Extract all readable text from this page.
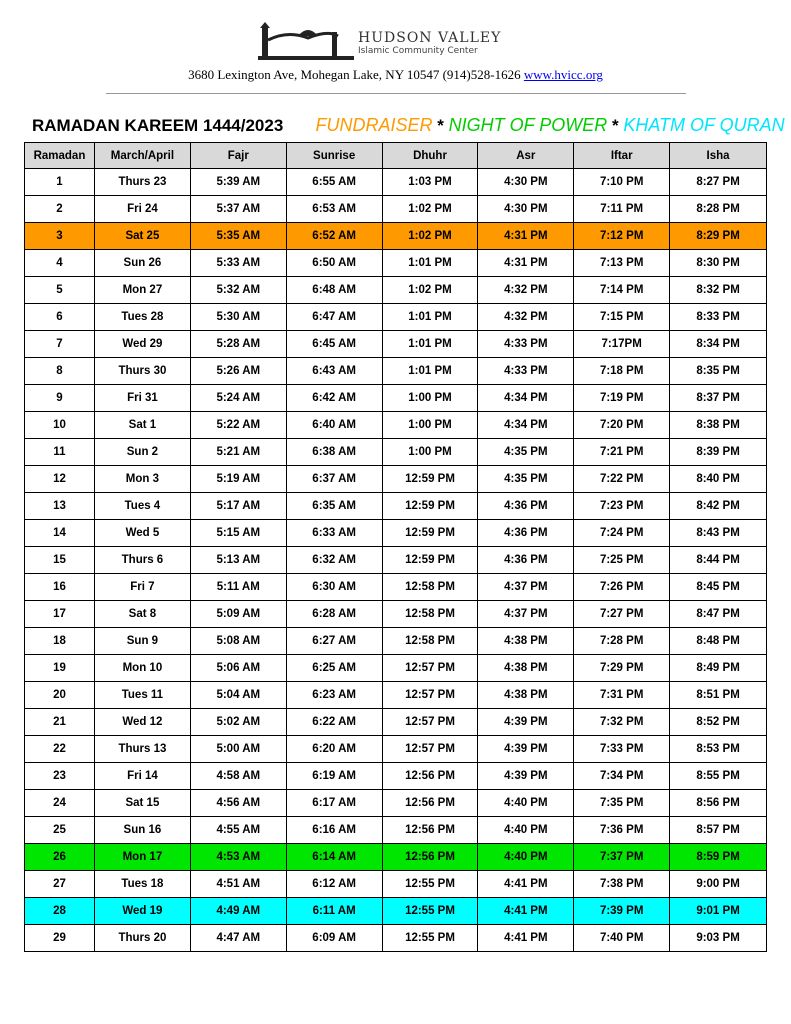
HUDSON VALLEY
Islamic Community Center
3680 Lexington Ave, Mohegan Lake, NY 10547 (914)528-1626 www.hvicc.org
RAMADAN KAREEM 1444/2023 FUNDRAISER * NIGHT OF POWER * KHATM OF QURAN
Ramadan	March/April	Fajr	Sunrise	Dhuhr	Asr	Iftar	Isha
1	Thurs 23	5:39 AM	6:55 AM	1:03 PM	4:30 PM	7:10 PM	8:27 PM
2	Fri 24	5:37 AM	6:53 AM	1:02 PM	4:30 PM	7:11 PM	8:28 PM
3	Sat 25	5:35 AM	6:52 AM	1:02 PM	4:31 PM	7:12 PM	8:29 PM
4	Sun 26	5:33 AM	6:50 AM	1:01 PM	4:31 PM	7:13 PM	8:30 PM
5	Mon 27	5:32 AM	6:48 AM	1:02 PM	4:32 PM	7:14 PM	8:32 PM
6	Tues 28	5:30 AM	6:47 AM	1:01 PM	4:32 PM	7:15 PM	8:33 PM
7	Wed 29	5:28 AM	6:45 AM	1:01 PM	4:33 PM	7:17PM	8:34 PM
8	Thurs 30	5:26 AM	6:43 AM	1:01 PM	4:33 PM	7:18 PM	8:35 PM
9	Fri 31	5:24 AM	6:42 AM	1:00 PM	4:34 PM	7:19 PM	8:37 PM
10	Sat 1	5:22 AM	6:40 AM	1:00 PM	4:34 PM	7:20 PM	8:38 PM
11	Sun 2	5:21 AM	6:38 AM	1:00 PM	4:35 PM	7:21 PM	8:39 PM
12	Mon 3	5:19 AM	6:37 AM	12:59 PM	4:35 PM	7:22 PM	8:40 PM
13	Tues 4	5:17 AM	6:35 AM	12:59 PM	4:36 PM	7:23 PM	8:42 PM
14	Wed 5	5:15 AM	6:33 AM	12:59 PM	4:36 PM	7:24 PM	8:43 PM
15	Thurs 6	5:13 AM	6:32 AM	12:59 PM	4:36 PM	7:25 PM	8:44 PM
16	Fri 7	5:11 AM	6:30 AM	12:58 PM	4:37 PM	7:26 PM	8:45 PM
17	Sat 8	5:09 AM	6:28 AM	12:58 PM	4:37 PM	7:27 PM	8:47 PM
18	Sun 9	5:08 AM	6:27 AM	12:58 PM	4:38 PM	7:28 PM	8:48 PM
19	Mon 10	5:06 AM	6:25 AM	12:57 PM	4:38 PM	7:29 PM	8:49 PM
20	Tues 11	5:04 AM	6:23 AM	12:57 PM	4:38 PM	7:31 PM	8:51 PM
21	Wed 12	5:02 AM	6:22 AM	12:57 PM	4:39 PM	7:32 PM	8:52 PM
22	Thurs 13	5:00 AM	6:20 AM	12:57 PM	4:39 PM	7:33 PM	8:53 PM
23	Fri 14	4:58 AM	6:19 AM	12:56 PM	4:39 PM	7:34 PM	8:55 PM
24	Sat 15	4:56 AM	6:17 AM	12:56 PM	4:40 PM	7:35 PM	8:56 PM
25	Sun 16	4:55 AM	6:16 AM	12:56 PM	4:40 PM	7:36 PM	8:57 PM
26	Mon 17	4:53 AM	6:14 AM	12:56 PM	4:40 PM	7:37 PM	8:59 PM
27	Tues 18	4:51 AM	6:12 AM	12:55 PM	4:41 PM	7:38 PM	9:00 PM
28	Wed 19	4:49 AM	6:11 AM	12:55 PM	4:41 PM	7:39 PM	9:01 PM
29	Thurs 20	4:47 AM	6:09 AM	12:55 PM	4:41 PM	7:40 PM	9:03 PM
